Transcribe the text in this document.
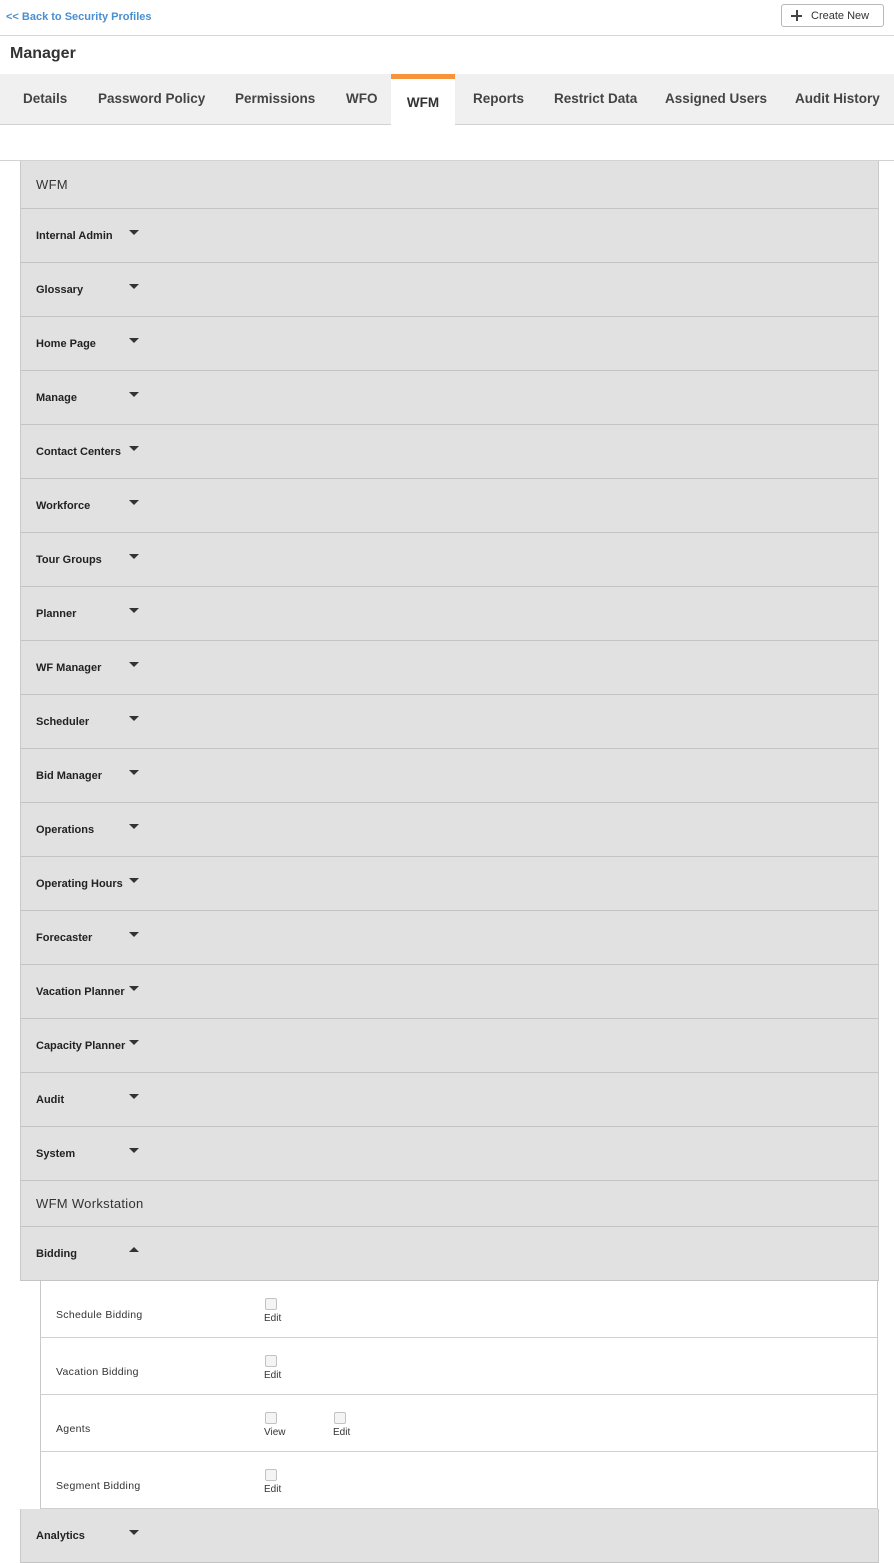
<< Back to Security Profiles	Create New
Manager
Details Password Policy Permissions WFO	WFM	Reports Restrict Data Assigned Users Audit History
WFM
Internal Admin
Glossary
Home Page
Manage
Contact Centers
Workforce
Tour Groups
Planner
WF Manager
Scheduler
Bid Manager
Operations
Operating Hours
Forecaster
Vacation Planner
Capacity Planner
Audit
System
WFM Workstation
Bidding
Schedule Bidding	Edit
Vacation Bidding	Edit
Agents	View	Edit
Segment Bidding	Edit
Analytics
